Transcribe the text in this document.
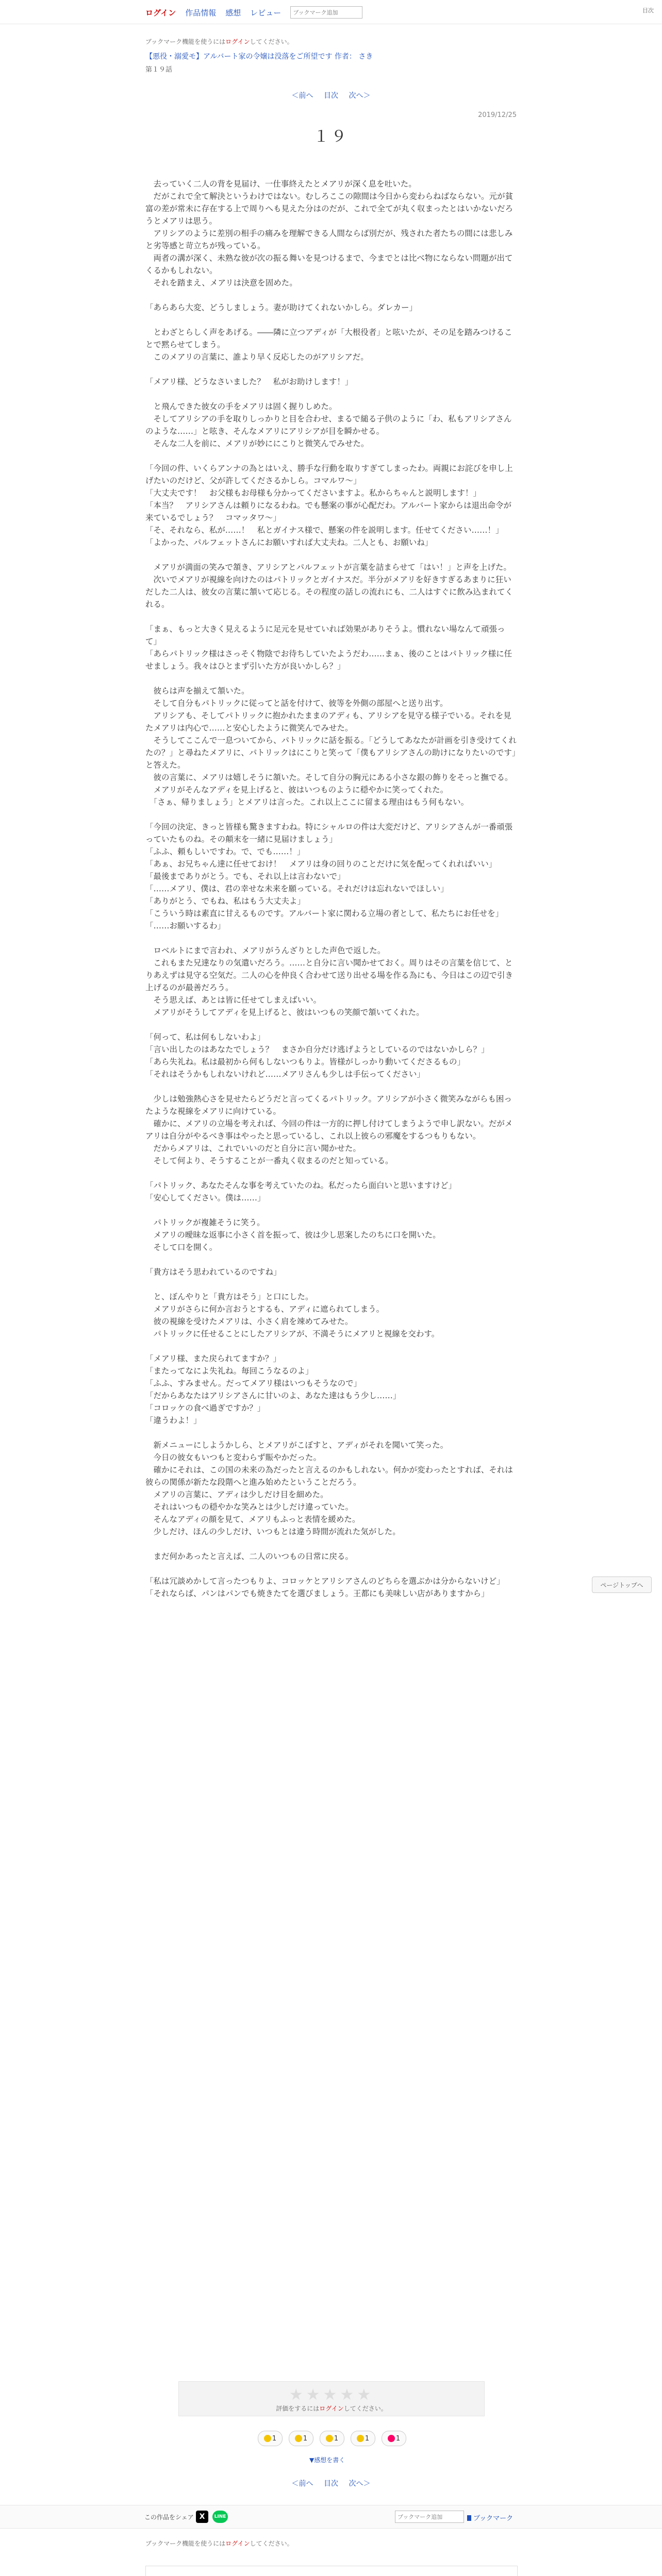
ログイン 作品情報 感想 レビュー
ブックマーク追加	目次
ブックマーク機能を使うにはログインしてください。
【悪役・溺愛モ】アルバート家の令嬢は没落をご所望です 作者： さき
第１９話
＜前へ 目次 次へ＞
2019/12/25
１９

　去っていく二人の背を見届け、一仕事終えたとメアリが深く息を吐いた。
　だがこれで全て解決というわけではない。むしろここの隙間は今日から変わらねばならない。元が貧富の差が常未に存在する上で周りへも見えた分はのだが、これで全てが丸く収まったとはいかないだろうとメアリは思う。
　アリシアのように差別の相手の痛みを理解できる人間ならば別だが、残された者たちの間には悲しみと劣等感と苛立ちが残っている。
　両者の溝が深く、未熟な彼が次の振る舞いを見つけるまで、今までとは比べ物にならない問題が出てくるかもしれない。
　それを踏まえ、メアリは決意を固めた。

「あらあら大変、どうしましょう。妻が助けてくれないかしら。ダレカー」

　とわざとらしく声をあげる。――隣に立つアディが「大根役者」と呟いたが、その足を踏みつけることで黙らせてしまう。
　このメアリの言葉に、誰より早く反応したのがアリシアだ。

「メアリ様、どうなさいました？　私がお助けします！」

　と飛んできた彼女の手をメアリは固く握りしめた。
　そしてアリシアの手を取りしっかりと目を合わせ、まるで縋る子供のように「わ、私もアリシアさんのような……」と呟き、そんなメアリにアリシアが目を瞬かせる。
　そんな二人を前に、メアリが妙ににこりと微笑んでみせた。

「今回の件、いくらアンナの為とはいえ、勝手な行動を取りすぎてしまったわ。両親にお詫びを申し上げたいのだけど、父が許してくださるかしら。コマルワ～」
「大丈夫です！　お父様もお母様も分かってくださいますよ。私からちゃんと説明します！」
「本当？　アリシアさんは頼りになるわね。でも懸案の事が心配だわ。アルバート家からは退出命令が来ているでしょう？　コマッタワ～」
「そ、それなら、私が……！　私とガイナス様で、懸案の件を説明します。任せてください……！」
「よかった、パルフェットさんにお願いすれば大丈夫ね。二人とも、お願いね」

　メアリが満面の笑みで頷き、アリシアとパルフェットが言葉を詰まらせて「はい！」と声を上げた。
　次いでメアリが視線を向けたのはパトリックとガイナスだ。半分がメアリを好きすぎるあまりに狂いだした二人は、彼女の言葉に頷いて応じる。その程度の話しの流れにも、二人はすぐに飲み込まれてくれる。

「まぁ、もっと大きく見えるように足元を見せていれば効果がありそうよ。慣れない場なんて頑張って」
「あらパトリック様はさっそく物陰でお待ちしていたようだわ……まぁ、後のことはパトリック様に任せましょう。我々はひとまず引いた方が良いかしら？」

　彼らは声を揃えて頷いた。
　そして自分もパトリックに従ってと話を付けて、彼等を外側の部屋へと送り出す。
　アリシアも、そしてパトリックに抱かれたままのアディも、アリシアを見守る様子でいる。それを見たメアリは内心で……と安心したように微笑んでみせた。
　そうしてここんで一息ついてから、パトリックに話を振る。「どうしてあなたが計画を引き受けてくれたの？」と尋ねたメアリに、パトリックはにこりと笑って「僕もアリシアさんの助けになりたいのです」と答えた。
　彼の言葉に、メアリは嬉しそうに頷いた。そして自分の胸元にある小さな銀の飾りをそっと撫でる。
　メアリがそんなアディを見上げると、彼はいつものように穏やかに笑ってくれた。
　「さぁ、帰りましょう」とメアリは言った。これ以上ここに留まる理由はもう何もない。

「今回の決定、きっと皆様も驚きますわね。特にシャルロの件は大変だけど、アリシアさんが一番頑張っていたものね。その顛末を一緒に見届けましょう」
「ふふ、頼もしいですわ。で、でも……！」
「あぁ、お兄ちゃん達に任せておけ！　メアリは身の回りのことだけに気を配ってくれればいい」
「最後までありがとう。でも、それ以上は言わないで」
「……メアリ、僕は、君の幸せな未来を願っている。それだけは忘れないでほしい」
「ありがとう、でもね、私はもう大丈夫よ」
「こういう時は素直に甘えるものです。アルバート家に関わる立場の者として、私たちにお任せを」
「……お願いするわ」

　ロベルトにまで言われ、メアリがうんざりとした声色で返した。
　これもまた兄達なりの気遣いだろう。……と自分に言い聞かせておく。周りはその言葉を信じて、とりあえずは見守る空気だ。二人の心を仲良く合わせて送り出せる場を作る為にも、今日はこの辺で引き上げるのが最善だろう。
　そう思えば、あとは皆に任せてしまえばいい。
　メアリがそうしてアディを見上げると、彼はいつもの笑顔で頷いてくれた。

「何って、私は何もしないわよ」
「言い出したのはあなたでしょう？　まさか自分だけ逃げようとしているのではないかしら？」
「あら失礼ね。私は最初から何もしないつもりよ。皆様がしっかり動いてくださるもの」
「それはそうかもしれないけれど……メアリさんも少しは手伝ってください」

　少しは勉強熱心さを見せたらどうだと言ってくるパトリック。アリシアが小さく微笑みながらも困ったような視線をメアリに向けている。
　確かに、メアリの立場を考えれば、今回の件は一方的に押し付けてしまうようで申し訳ない。だがメアリは自分がやるべき事はやったと思っているし、これ以上彼らの邪魔をするつもりもない。
　だからメアリは、これでいいのだと自分に言い聞かせた。
　そして何より、そうすることが一番丸く収まるのだと知っている。

「パトリック、あなたそんな事を考えていたのね。私だったら面白いと思いますけど」
「安心してください。僕は……」

　パトリックが複雑そうに笑う。
　メアリの曖昧な返事に小さく首を振って、彼は少し思案したのちに口を開いた。
　そして口を開く。

「貴方はそう思われているのですね」

　と、ぼんやりと「貴方はそう」と口にした。
　メアリがさらに何か言おうとするも、アディに遮られてしまう。
　彼の視線を受けたメアリは、小さく肩を竦めてみせた。
　パトリックに任せることにしたアリシアが、不満そうにメアリと視線を交わす。

「メアリ様、また戻られてますか？」
「またってなによ失礼ね。毎回こうなるのよ」
「ふふ、すみません。だってメアリ様はいつもそうなので」
「だからあなたはアリシアさんに甘いのよ、あなた達はもう少し……」
「コロッケの食べ過ぎですか？」
「違うわよ！」

　新メニューにしようかしら、とメアリがこぼすと、アディがそれを聞いて笑った。
　今日の彼女もいつもと変わらず賑やかだった。
　確かにそれは、この国の未来の為だったと言えるのかもしれない。何かが変わったとすれば、それは彼らの関係が新たな段階へと進み始めたということだろう。
　メアリの言葉に、アディは少しだけ目を細めた。
　それはいつもの穏やかな笑みとは少しだけ違っていた。
　そんなアディの顔を見て、メアリもふっと表情を緩めた。
　少しだけ、ほんの少しだけ、いつもとは違う時間が流れた気がした。

　まだ何かあったと言えば、二人のいつもの日常に戻る。

「私は冗談めかして言ったつもりよ、コロッケとアリシアさんのどちらを選ぶかは分からないけど」
「それならば、パンはパンでも焼きたてを選びましょう。王都にも美味しい店がありますから」

ページトップへ
★★★★★
評価をするにはログインしてください。
1	1	1	1	1
▼感想を書く
＜前へ 目次 次へ＞
この作品をシェア X	LINE
ブックマーク追加	ブックマーク
ブックマーク機能を使うにはログインしてください。
